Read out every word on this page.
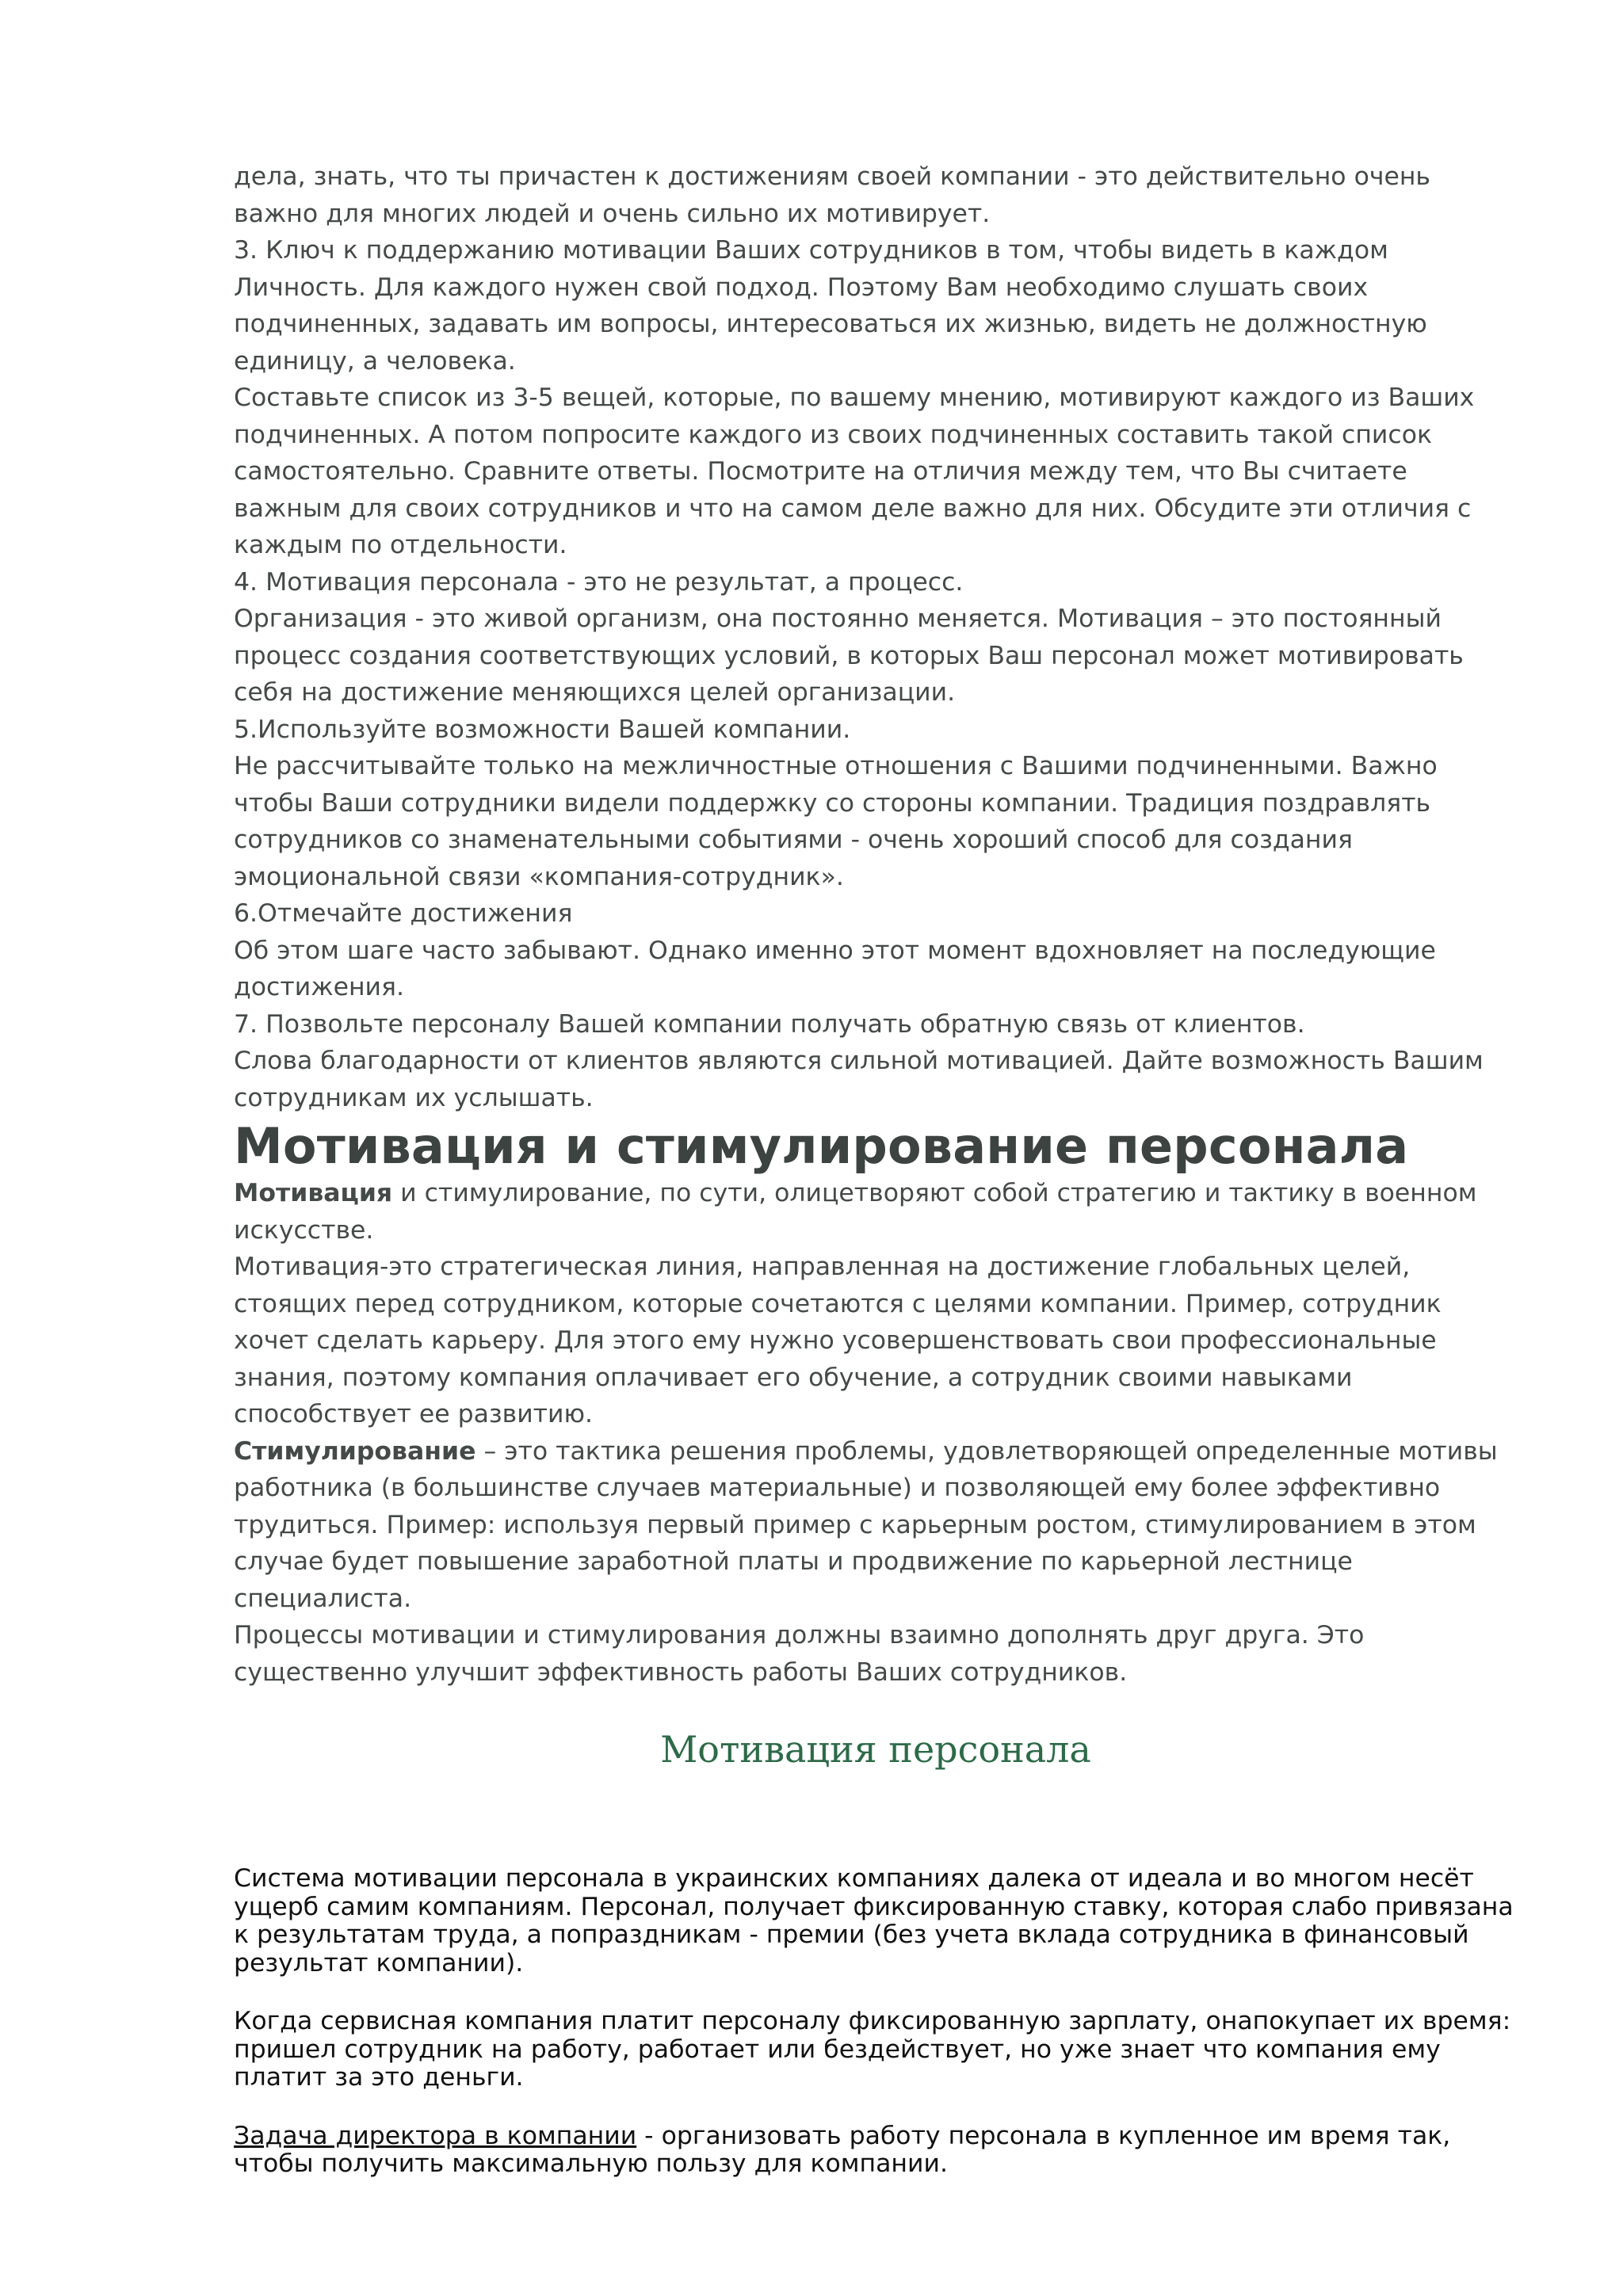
дела, знать, что ты причастен к достижениям своей компании - это действительно очень важно для многих людей и очень сильно их мотивирует.

3. Ключ к поддержанию мотивации Ваших сотрудников в том, чтобы видеть в каждом Личность. Для каждого нужен свой подход. Поэтому Вам необходимо слушать своих подчиненных, задавать им вопросы, интересоваться их жизнью, видеть не должностную единицу, а человека.

Составьте список из 3-5 вещей, которые, по вашему мнению, мотивируют каждого из Ваших подчиненных. А потом попросите каждого из своих подчиненных составить такой список самостоятельно. Сравните ответы. Посмотрите на отличия между тем, что Вы считаете важным для своих сотрудников и что на самом деле важно для них. Обсудите эти отличия с каждым по отдельности.

4. Мотивация персонала - это не результат, а процесс.

Организация - это живой организм, она постоянно меняется. Мотивация – это постоянный процесс создания соответствующих условий, в которых Ваш персонал может мотивировать себя на достижение меняющихся целей организации.

5.Используйте возможности Вашей компании.

Не рассчитывайте только на межличностные отношения с Вашими подчиненными. Важно чтобы Ваши сотрудники видели поддержку со стороны компании. Традиция поздравлять сотрудников со знаменательными событиями - очень хороший способ для создания эмоциональной связи «компания-сотрудник».

6.Отмечайте достижения

Об этом шаге часто забывают. Однако именно этот момент вдохновляет на последующие достижения.

7. Позвольте персоналу Вашей компании получать обратную связь от клиентов.

Слова благодарности от клиентов являются сильной мотивацией. Дайте возможность Вашим сотрудникам их услышать.

Мотивация и стимулирование персонала

Мотивация и стимулирование, по сути, олицетворяют собой стратегию и тактику в военном искусстве.

Мотивация-это стратегическая линия, направленная на достижение глобальных целей, стоящих перед сотрудником, которые сочетаются с целями компании. Пример, сотрудник хочет сделать карьеру. Для этого ему нужно усовершенствовать свои профессиональные знания, поэтому компания оплачивает его обучение, а сотрудник своими навыками способствует ее развитию.

Стимулирование – это тактика решения проблемы, удовлетворяющей определенные мотивы работника (в большинстве случаев материальные) и позволяющей ему более эффективно трудиться. Пример: используя первый пример с карьерным ростом, стимулированием в этом случае будет повышение заработной платы и продвижение по карьерной лестнице специалиста.

Процессы мотивации и стимулирования должны взаимно дополнять друг друга. Это существенно улучшит эффективность работы Ваших сотрудников.

Мотивация персонала

Система мотивации персонала в украинских компаниях далека от идеала и во многом несёт ущерб самим компаниям. Персонал, получает фиксированную ставку, которая слабо привязана к результатам труда, а попраздникам - премии (без учета вклада сотрудника в финансовый результат компании).

Когда сервисная компания платит персоналу фиксированную зарплату, онапокупает их время: пришел сотрудник на работу, работает или бездействует, но уже знает что компания ему платит за это деньги.

Задача директора в компании - организовать работу персонала в купленное им время так, чтобы получить максимальную пользу для компании.
